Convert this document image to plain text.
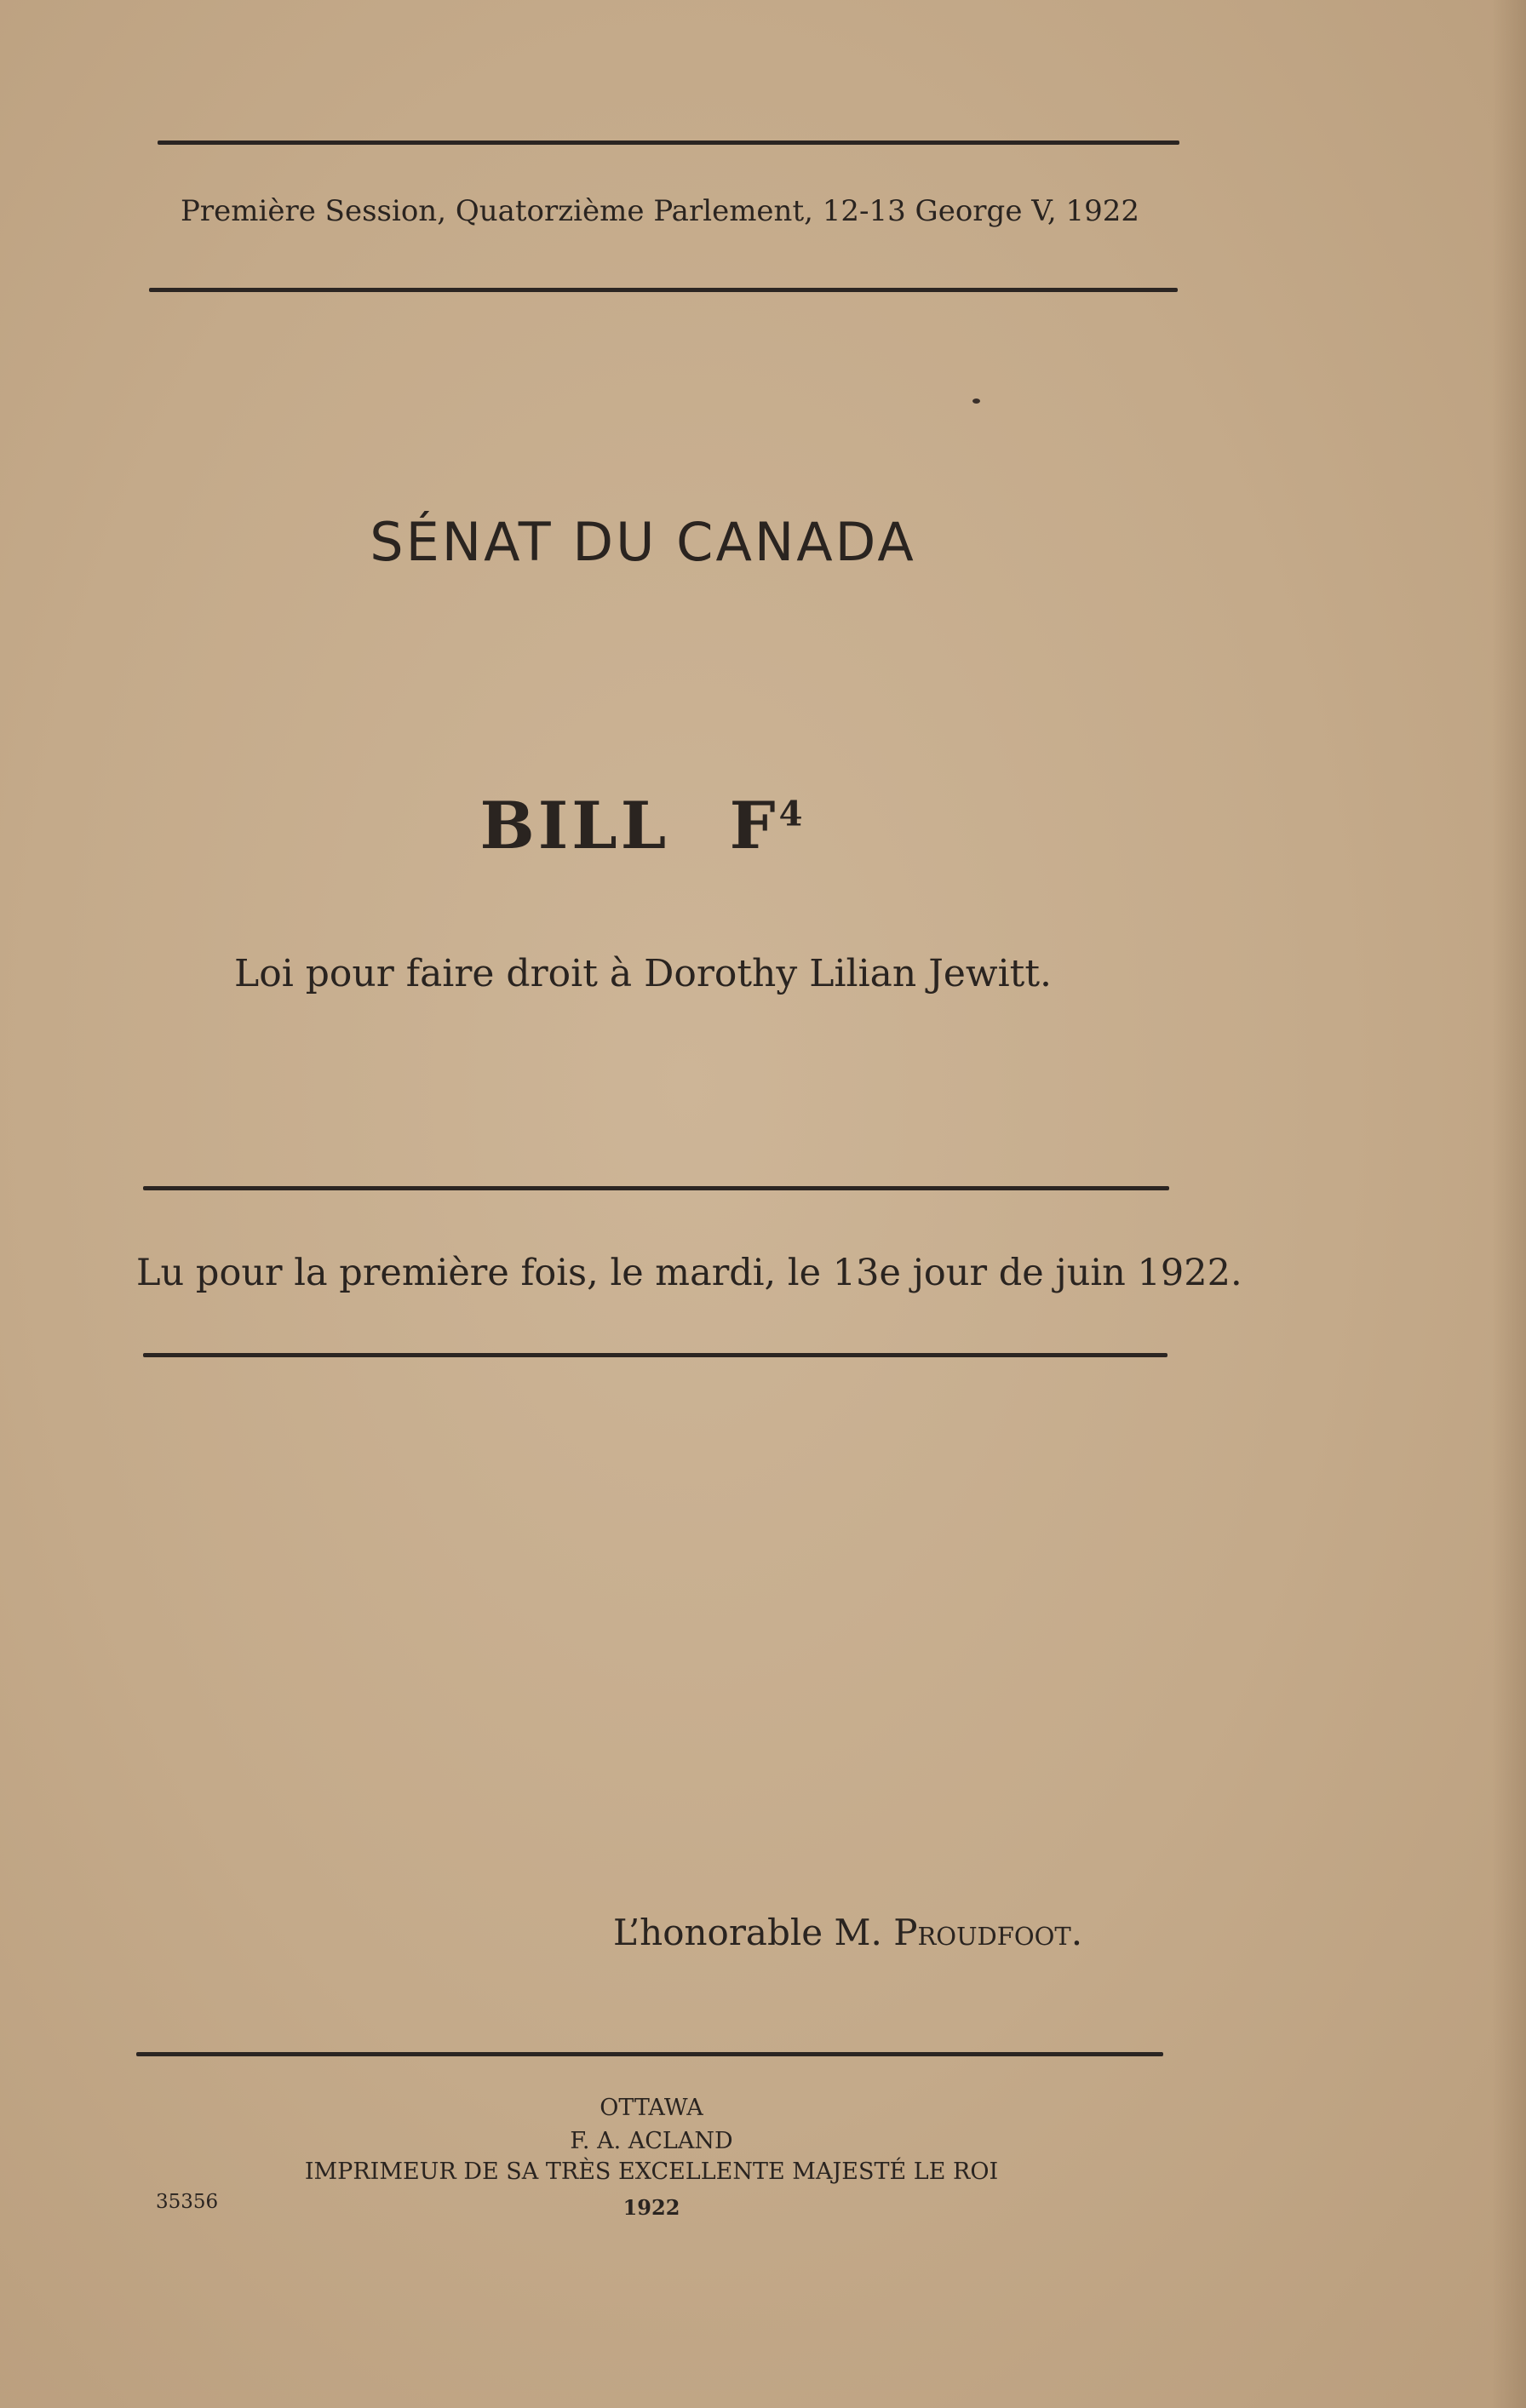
Première Session, Quatorzième Parlement, 12-13 George V, 1922
SÉNAT DU CANADA
BILL $F^4$
Loi pour faire droit à Dorothy Lilian Jewitt.
Lu pour la première fois, le mardi, le 13e jour de juin 1922.
L’honorable M. Proudfoot.
OTTAWA
F. A. ACLAND
IMPRIMEUR DE SA TRÈS EXCELLENTE MAJESTÉ LE ROI
1922
35356
